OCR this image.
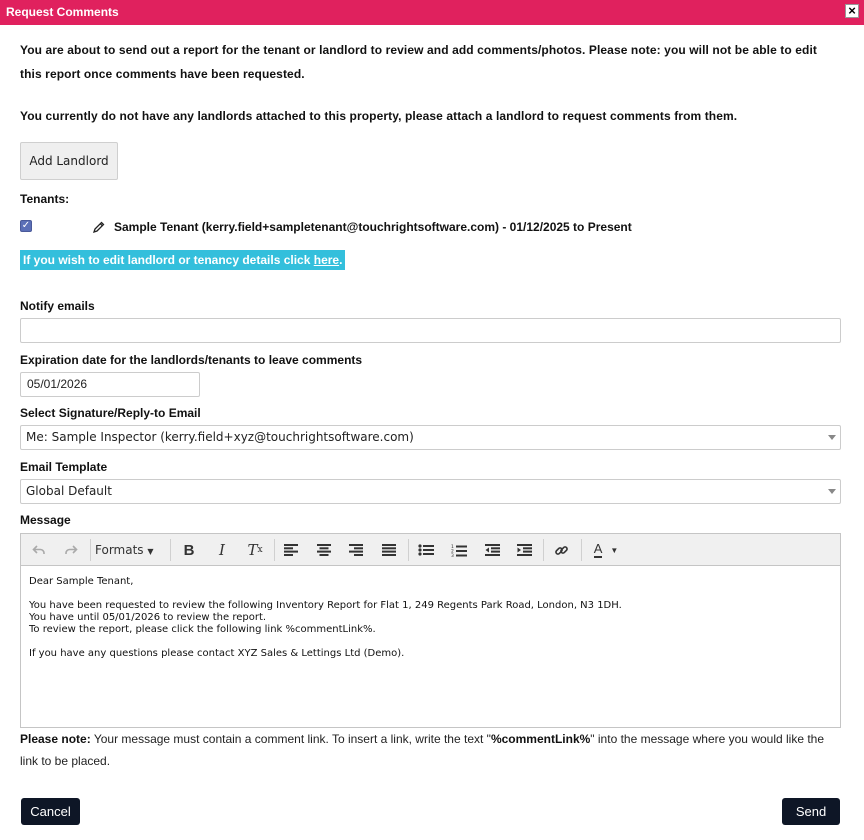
Request Comments	×
You are about to send out a report for the tenant or landlord to review and add comments/photos. Please note: you will not be able to edit this report once comments have been requested.
You currently do not have any landlords attached to this property, please attach a landlord to request comments from them.
Add Landlord
Tenants:
✓	Sample Tenant (kerry.field+sampletenant@touchrightsoftware.com) - 01/12/2025 to Present
If you wish to edit landlord or tenancy details click here.
Notify emails
Expiration date for the landlords/tenants to leave comments
05/01/2026
Select Signature/Reply-to Email
Me: Sample Inspector (kerry.field+xyz@touchrightsoftware.com)
Email Template
Global Default
Message
Formats ▼	B	I	T x	1
2
3	A ▼

Dear Sample Tenant,

You have been requested to review the following Inventory Report for Flat 1, 249 Regents Park Road, London, N3 1DH.
You have until 05/01/2026 to review the report.

To review the report, please click the following link %commentLink%.

If you have any questions please contact XYZ Sales & Lettings Ltd (Demo).
Please note: Your message must contain a comment link. To insert a link, write the text "%commentLink%" into the message where you would like the link to be placed.
Cancel	Send
